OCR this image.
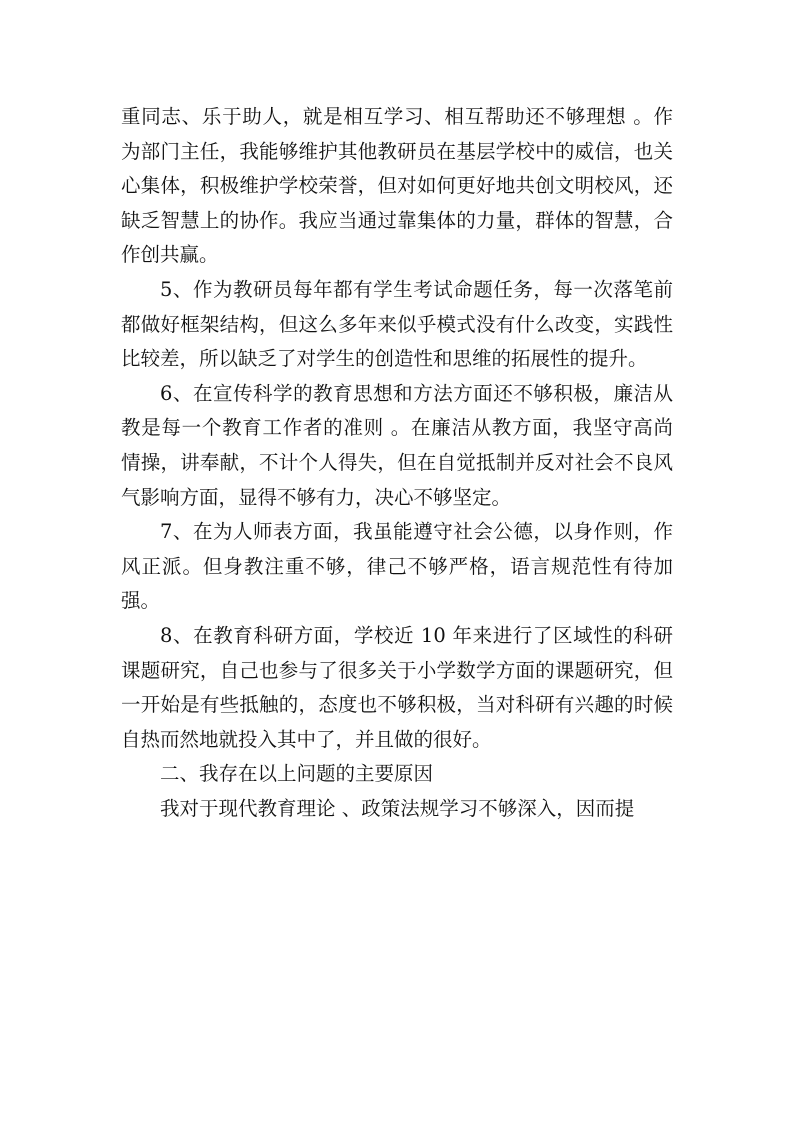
重同志、乐于助人，就是相互学习、相互帮助还不够理想 。作为部门主任，我能够维护其他教研员在基层学校中的威信，也关心集体，积极维护学校荣誉，但对如何更好地共创文明校风，还缺乏智慧上的协作。我应当通过靠集体的力量，群体的智慧，合作创共赢。

5、作为教研员每年都有学生考试命题任务，每一次落笔前都做好框架结构，但这么多年来似乎模式没有什么改变，实践性比较差，所以缺乏了对学生的创造性和思维的拓展性的提升。

6、在宣传科学的教育思想和方法方面还不够积极，廉洁从教是每一个教育工作者的准则 。在廉洁从教方面，我坚守高尚情操，讲奉献，不计个人得失，但在自觉抵制并反对社会不良风气影响方面，显得不够有力，决心不够坚定。

7、在为人师表方面，我虽能遵守社会公德，以身作则，作风正派。但身教注重不够，律己不够严格，语言规范性有待加强。

8、在教育科研方面，学校近 10 年来进行了区域性的科研课题研究，自己也参与了很多关于小学数学方面的课题研究，但一开始是有些抵触的，态度也不够积极，当对科研有兴趣的时候自热而然地就投入其中了，并且做的很好。

二、我存在以上问题的主要原因

我对于现代教育理论 、政策法规学习不够深入，因而提
